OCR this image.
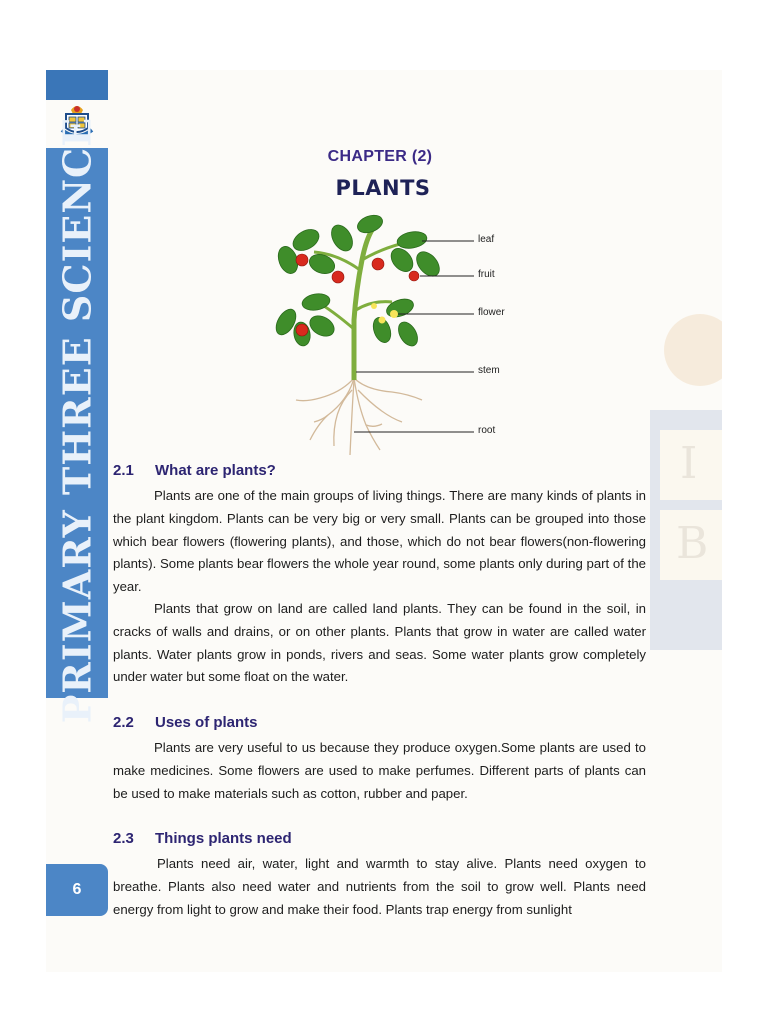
PRIMARY THREE SCIENCE
6
I
B
CHAPTER (2)
PLANTS
leaf
fruit
flower
stem
root
2.1 What are plants?
Plants are one of the main groups of living things. There are many kinds of plants in the plant kingdom. Plants can be very big or very small. Plants can be grouped into those which bear flowers (flowering plants), and those, which do not bear flowers(non-flowering plants). Some plants bear flowers the whole year round, some plants only during part of the year.
Plants that grow on land are called land plants. They can be found in the soil, in cracks of walls and drains, or on other plants. Plants that grow in water are called water plants. Water plants grow in ponds, rivers and seas. Some water plants grow completely under water but some float on the water.
2.2 Uses of plants
Plants are very useful to us because they produce oxygen.Some plants are used to make medicines. Some flowers are used to make perfumes. Different parts of plants can be used to make materials such as cotton, rubber and paper.
2.3 Things plants need
Plants need air, water, light and warmth to stay alive. Plants need oxygen to breathe. Plants also need water and nutrients from the soil to grow well. Plants need energy from light to grow and make their food. Plants trap energy from sunlight
